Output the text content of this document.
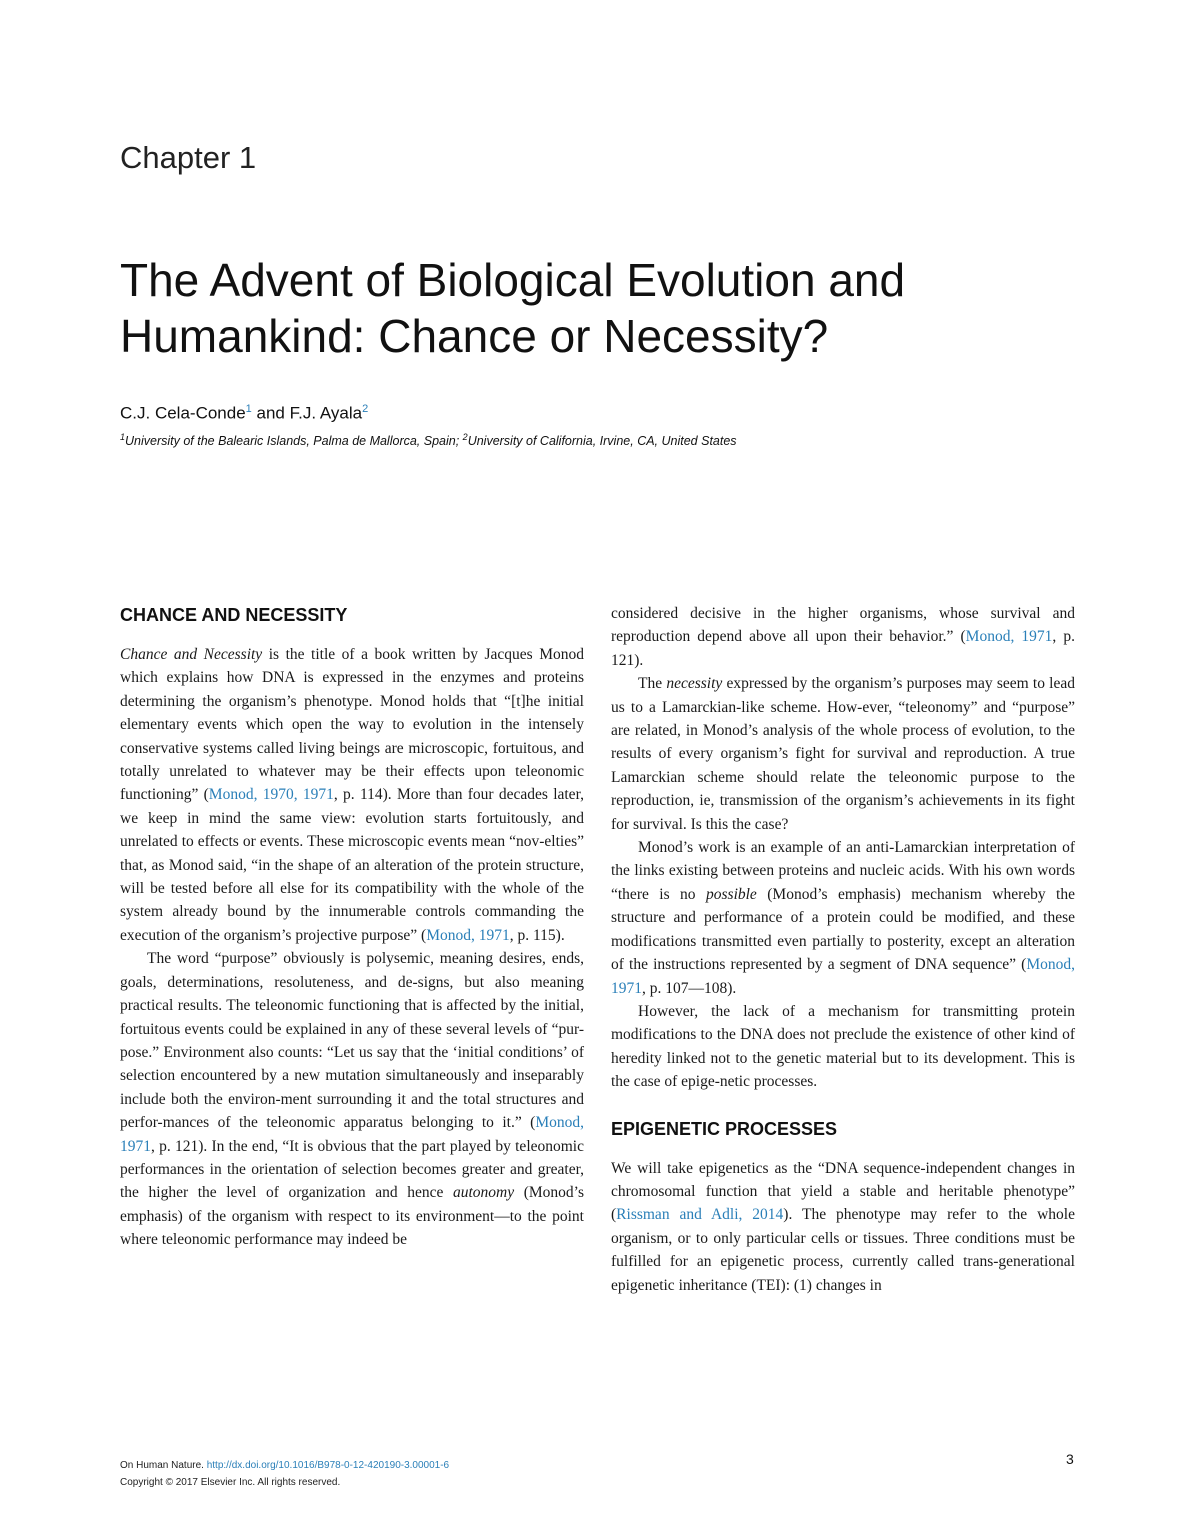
Chapter 1
The Advent of Biological Evolution and
Humankind: Chance or Necessity?
C.J. Cela-Conde$^1$ and F.J. Ayala$^2$
$^1$University of the Balearic Islands, Palma de Mallorca, Spain; $^2$University of California, Irvine, CA, United States
CHANCE AND NECESSITY

Chance and Necessity is the title of a book written by Jacques Monod which explains how DNA is expressed in the enzymes and proteins determining the organism’s phenotype. Monod holds that “[t]he initial elementary events which open the way to evolution in the intensely conservative systems called living beings are microscopic, fortuitous, and totally unrelated to whatever may be their effects upon teleonomic functioning” (Monod, 1970, 1971, p. 114). More than four decades later, we keep in mind the same view: evolution starts fortuitously, and unrelated to effects or events. These microscopic events mean “nov-elties” that, as Monod said, “in the shape of an alteration of the protein structure, will be tested before all else for its compatibility with the whole of the system already bound by the innumerable controls commanding the execution of the organism’s projective purpose” (Monod, 1971, p. 115).

The word “purpose” obviously is polysemic, meaning desires, ends, goals, determinations, resoluteness, and de-signs, but also meaning practical results. The teleonomic functioning that is affected by the initial, fortuitous events could be explained in any of these several levels of “pur-pose.” Environment also counts: “Let us say that the ‘initial conditions’ of selection encountered by a new mutation simultaneously and inseparably include both the environ-ment surrounding it and the total structures and perfor-mances of the teleonomic apparatus belonging to it.” (Monod, 1971, p. 121). In the end, “It is obvious that the part played by teleonomic performances in the orientation of selection becomes greater and greater, the higher the level of organization and hence autonomy (Monod’s emphasis) of the organism with respect to its environment—to the point where teleonomic performance may indeed be

considered decisive in the higher organisms, whose survival and reproduction depend above all upon their behavior.” (Monod, 1971, p. 121).

The necessity expressed by the organism’s purposes may seem to lead us to a Lamarckian-like scheme. How-ever, “teleonomy” and “purpose” are related, in Monod’s analysis of the whole process of evolution, to the results of every organism’s fight for survival and reproduction. A true Lamarckian scheme should relate the teleonomic purpose to the reproduction, ie, transmission of the organism’s achievements in its fight for survival. Is this the case?

Monod’s work is an example of an anti-Lamarckian interpretation of the links existing between proteins and nucleic acids. With his own words “there is no possible (Monod’s emphasis) mechanism whereby the structure and performance of a protein could be modified, and these modifications transmitted even partially to posterity, except an alteration of the instructions represented by a segment of DNA sequence” (Monod, 1971, p. 107—108).

However, the lack of a mechanism for transmitting protein modifications to the DNA does not preclude the existence of other kind of heredity linked not to the genetic material but to its development. This is the case of epige-netic processes.

EPIGENETIC PROCESSES

We will take epigenetics as the “DNA sequence-independent changes in chromosomal function that yield a stable and heritable phenotype” (Rissman and Adli, 2014). The phenotype may refer to the whole organism, or to only particular cells or tissues. Three conditions must be fulfilled for an epigenetic process, currently called trans-generational epigenetic inheritance (TEI): (1) changes in

On Human Nature. http://dx.doi.org/10.1016/B978-0-12-420190-3.00001-6
Copyright © 2017 Elsevier Inc. All rights reserved.
3
